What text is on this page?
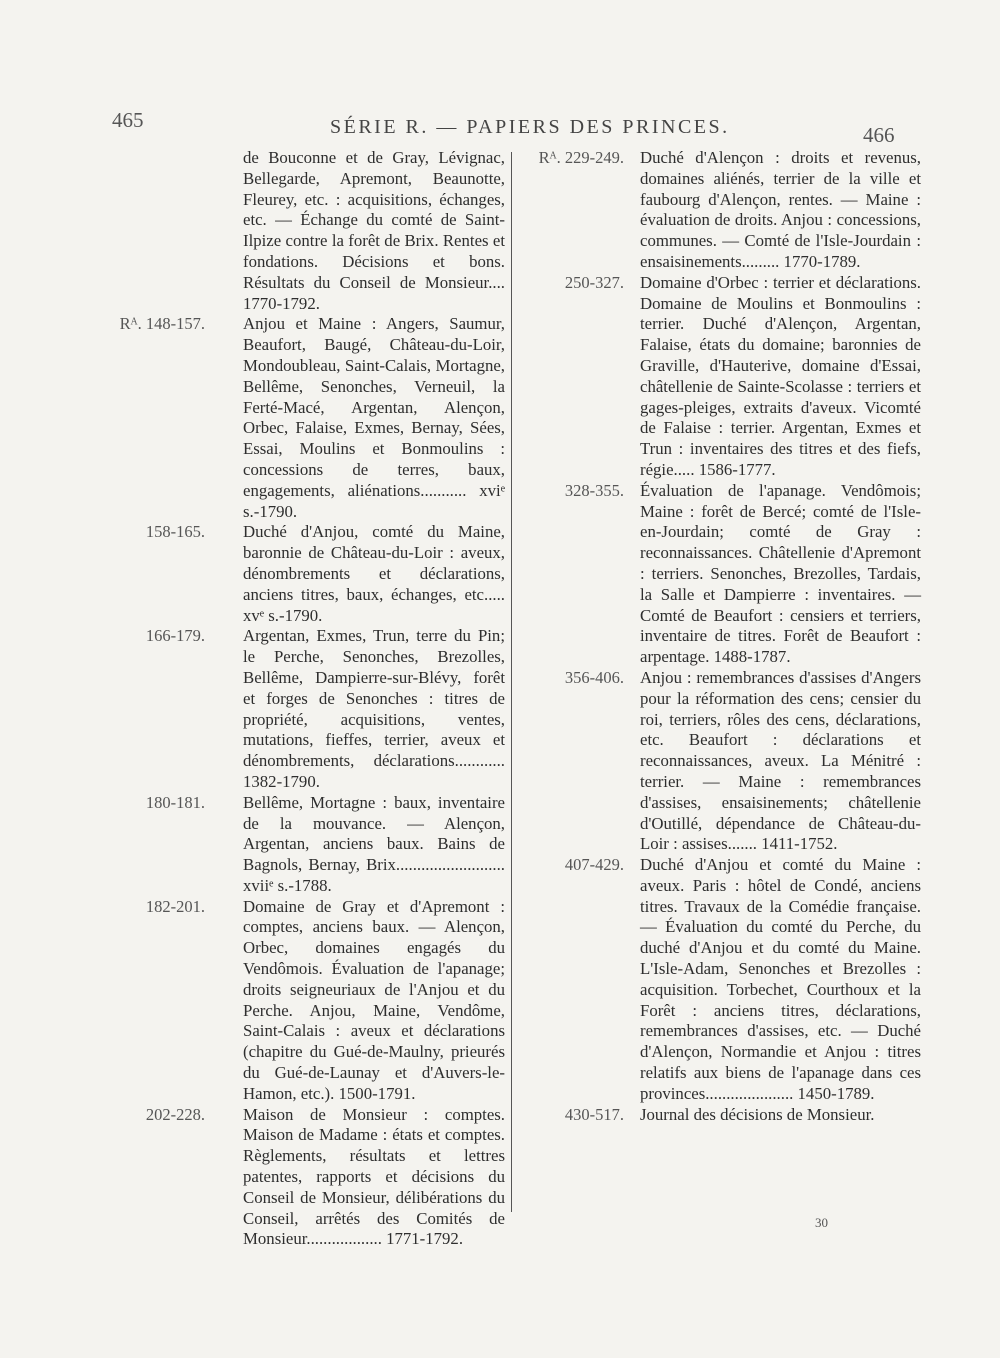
465	SÉRIE R. — PAPIERS DES PRINCES.	466
de Bouconne et de Gray, Lévignac, Bellegarde, Apremont, Beaunotte, Fleurey, etc. : acquisitions, échanges, etc. — Échange du comté de Saint-Ilpize contre la forêt de Brix. Rentes et fondations. Décisions et bons. Résultats du Conseil de Monsieur.... 1770-1792.
Rᴬ. 148-157. Anjou et Maine : Angers, Saumur, Beaufort, Baugé, Château-du-Loir, Mondoubleau, Saint-Calais, Mortagne, Bellême, Senonches, Verneuil, la Ferté-Macé, Argentan, Alençon, Orbec, Falaise, Exmes, Bernay, Sées, Essai, Moulins et Bonmoulins : concessions de terres, baux, engagements, aliénations........... xviᵉ s.-1790.
158-165. Duché d'Anjou, comté du Maine, baronnie de Château-du-Loir : aveux, dénombrements et déclarations, anciens titres, baux, échanges, etc..... xvᵉ s.-1790.
166-179. Argentan, Exmes, Trun, terre du Pin; le Perche, Senonches, Brezolles, Bellême, Dampierre-sur-Blévy, forêt et forges de Senonches : titres de propriété, acquisitions, ventes, mutations, fieffes, terrier, aveux et dénombrements, déclarations............ 1382-1790.
180-181. Bellême, Mortagne : baux, inventaire de la mouvance. — Alençon, Argentan, anciens baux. Bains de Bagnols, Bernay, Brix.......................... xviiᵉ s.-1788.
182-201. Domaine de Gray et d'Apremont : comptes, anciens baux. — Alençon, Orbec, domaines engagés du Vendômois. Évaluation de l'apanage; droits seigneuriaux de l'Anjou et du Perche. Anjou, Maine, Vendôme, Saint-Calais : aveux et déclarations (chapitre du Gué-de-Maulny, prieurés du Gué-de-Launay et d'Auvers-le-Hamon, etc.). 1500-1791.
202-228. Maison de Monsieur : comptes. Maison de Madame : états et comptes. Règlements, résultats et lettres patentes, rapports et décisions du Conseil de Monsieur, délibérations du Conseil, arrêtés des Comités de Monsieur.................. 1771-1792.
Rᴬ. 229-249. Duché d'Alençon : droits et revenus, domaines aliénés, terrier de la ville et faubourg d'Alençon, rentes. — Maine : évaluation de droits. Anjou : concessions, communes. — Comté de l'Isle-Jourdain : ensaisinements......... 1770-1789.
250-327. Domaine d'Orbec : terrier et déclarations. Domaine de Moulins et Bonmoulins : terrier. Duché d'Alençon, Argentan, Falaise, états du domaine; baronnies de Graville, d'Hauterive, domaine d'Essai, châtellenie de Sainte-Scolasse : terriers et gages-pleiges, extraits d'aveux. Vicomté de Falaise : terrier. Argentan, Exmes et Trun : inventaires des titres et des fiefs, régie..... 1586-1777.
328-355. Évaluation de l'apanage. Vendômois; Maine : forêt de Bercé; comté de l'Isle-en-Jourdain; comté de Gray : reconnaissances. Châtellenie d'Apremont : terriers. Senonches, Brezolles, Tardais, la Salle et Dampierre : inventaires. — Comté de Beaufort : censiers et terriers, inventaire de titres. Forêt de Beaufort : arpentage. 1488-1787.
356-406. Anjou : remembrances d'assises d'Angers pour la réformation des cens; censier du roi, terriers, rôles des cens, déclarations, etc. Beaufort : déclarations et reconnaissances, aveux. La Ménitré : terrier. — Maine : remembrances d'assises, ensaisinements; châtellenie d'Outillé, dépendance de Château-du-Loir : assises....... 1411-1752.
407-429. Duché d'Anjou et comté du Maine : aveux. Paris : hôtel de Condé, anciens titres. Travaux de la Comédie française. — Évaluation du comté du Perche, du duché d'Anjou et du comté du Maine. L'Isle-Adam, Senonches et Brezolles : acquisition. Torbechet, Courthoux et la Forêt : anciens titres, déclarations, remembrances d'assises, etc. — Duché d'Alençon, Normandie et Anjou : titres relatifs aux biens de l'apanage dans ces provinces..................... 1450-1789.
430-517. Journal des décisions de Monsieur.
30
